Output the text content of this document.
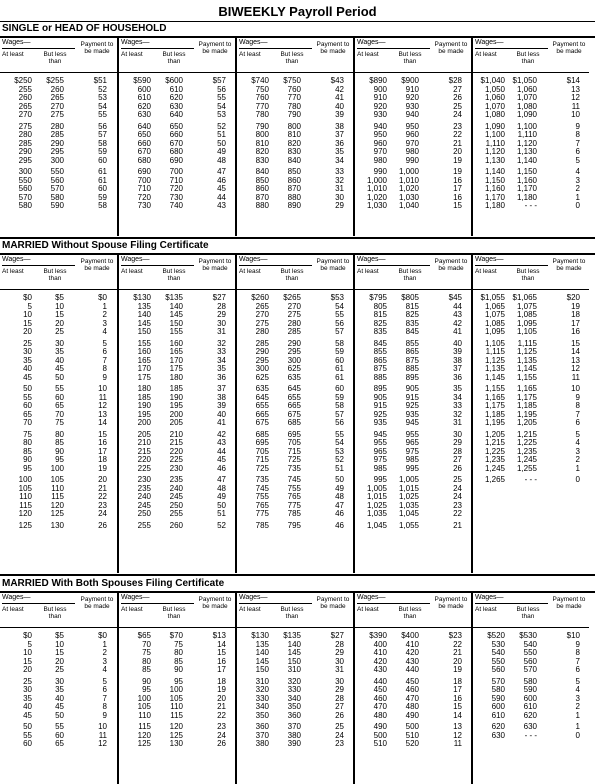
BIWEEKLY Payroll Period
SINGLE or HEAD OF HOUSEHOLD
Wages—
At least	But less than
Payment to be made
$250	$255	$51
255	260	52
260	265	53
265	270	54
270	275	55
275	280	56
280	285	57
285	290	58
290	295	59
295	300	60
300	550	61
550	560	61
560	570	60
570	580	59
580	590	58
Wages—
At least	But less than
Payment to be made
$590	$600	$57
600	610	56
610	620	55
620	630	54
630	640	53
640	650	52
650	660	51
660	670	50
670	680	49
680	690	48
690	700	47
700	710	46
710	720	45
720	730	44
730	740	43
Wages—
At least	But less than
Payment to be made
$740	$750	$43
750	760	42
760	770	41
770	780	40
780	790	39
790	800	38
800	810	37
810	820	36
820	830	35
830	840	34
840	850	33
850	860	32
860	870	31
870	880	30
880	890	29
Wages—
At least	But less than
Payment to be made
$890	$900	$28
900	910	27
910	920	26
920	930	25
930	940	24
940	950	23
950	960	22
960	970	21
970	980	20
980	990	19
990	1,000	19
1,000	1,010	16
1,010	1,020	17
1,020	1,030	16
1,030	1,040	15
Wages—
At least	But less than
Payment to be made
$1,040 $1,050	$14
1,050	1,060	13
1,060	1,070	12
1,070	1,080	11
1,080	1,090	10
1,090	1,100	9
1,100	1,110	8
1,110	1,120	7
1,120	1,130	6
1,130	1,140	5
1,140	1,150	4
1,150	1,160	3
1,160	1,170	2
1,170	1,180	1
1,180	- - -	0
MARRIED Without Spouse Filing Certificate
Wages—
At least	But less than
Payment to be made
$0	$5	$0
5	10	1
10	15	2
15	20	3
20	25	4
25	30	5
30	35	6
35	40	7
40	45	8
45	50	9
50	55	10
55	60	11
60	65	12
65	70	13
70	75	14
75	80	15
80	85	16
85	90	17
90	95	18
95	100	19
100	105	20
105	110	21
110	115	22
115	120	23
120	125	24
125	130	26
Wages—
At least	But less than
Payment to be made
$130	$135	$27
135	140	28
140	145	29
145	150	30
150	155	31
155	160	32
160	165	33
165	170	34
170	175	35
175	180	36
180	185	37
185	190	38
190	195	39
195	200	40
200	205	41
205	210	42
210	215	43
215	220	44
220	225	45
225	230	46
230	235	47
235	240	48
240	245	49
245	250	50
250	255	51
255	260	52
Wages—
At least	But less than
Payment to be made
$260	$265	$53
265	270	54
270	275	55
275	280	56
280	285	57
285	290	58
290	295	59
295	300	60
300	625	61
625	635	61
635	645	60
645	655	59
655	665	58
665	675	57
675	685	56
685	695	55
695	705	54
705	715	53
715	725	52
725	735	51
735	745	50
745	755	49
755	765	48
765	775	47
775	785	46
785	795	46
Wages—
At least	But less than
Payment to be made
$795	$805	$45
805	815	44
815	825	43
825	835	42
835	845	41
845	855	40
855	865	39
865	875	38
875	885	37
885	895	36
895	905	35
905	915	34
915	925	33
925	935	32
935	945	31
945	955	30
955	965	29
965	975	28
975	985	27
985	995	26
995	1,005	25
1,005	1,015	24
1,015	1,025	24
1,025	1,035	23
1,035	1,045	22
1,045	1,055	21
Wages—
At least	But less than
Payment to be made
$1,055 $1,065	$20
1,065	1,075	19
1,075	1,085	18
1,085	1,095	17
1,095	1,105	16
1,105	1,115	15
1,115	1,125	14
1,125	1,135	13
1,135	1,145	12
1,145	1,155	11
1,155	1,165	10
1,165	1,175	9
1,175	1,185	8
1,185	1,195	7
1,195	1,205	6
1,205	1,215	5
1,215	1,225	4
1,225	1,235	3
1,235	1,245	2
1,245	1,255	1
1,265	- - -	0
MARRIED With Both Spouses Filing Certificate
Wages—
At least	But less than
Payment to be made
$0	$5	$0
5	10	1
10	15	2
15	20	3
20	25	4
25	30	5
30	35	6
35	40	7
40	45	8
45	50	9
50	55	10
55	60	11
60	65	12
Wages—
At least	But less than
Payment to be made
$65	$70	$13
70	75	14
75	80	15
80	85	16
85	90	17
90	95	18
95	100	19
100	105	20
105	110	21
110	115	22
115	120	23
120	125	24
125	130	26
Wages—
At least	But less than
Payment to be made
$130	$135	$27
135	140	28
140	145	29
145	150	30
150	310	31
310	320	30
320	330	29
330	340	28
340	350	27
350	360	26
360	370	25
370	380	24
380	390	23
Wages—
At least	But less than
Payment to be made
$390	$400	$23
400	410	22
410	420	21
420	430	20
430	440	19
440	450	18
450	460	17
460	470	16
470	480	15
480	490	14
490	500	13
500	510	12
510	520	11
Wages—
At least	But less than
Payment to be made
$520	$530	$10
530	540	9
540	550	8
550	560	7
560	570	6
570	580	5
580	590	4
590	600	3
600	610	2
610	620	1
620	630	1
630	- - -	0
